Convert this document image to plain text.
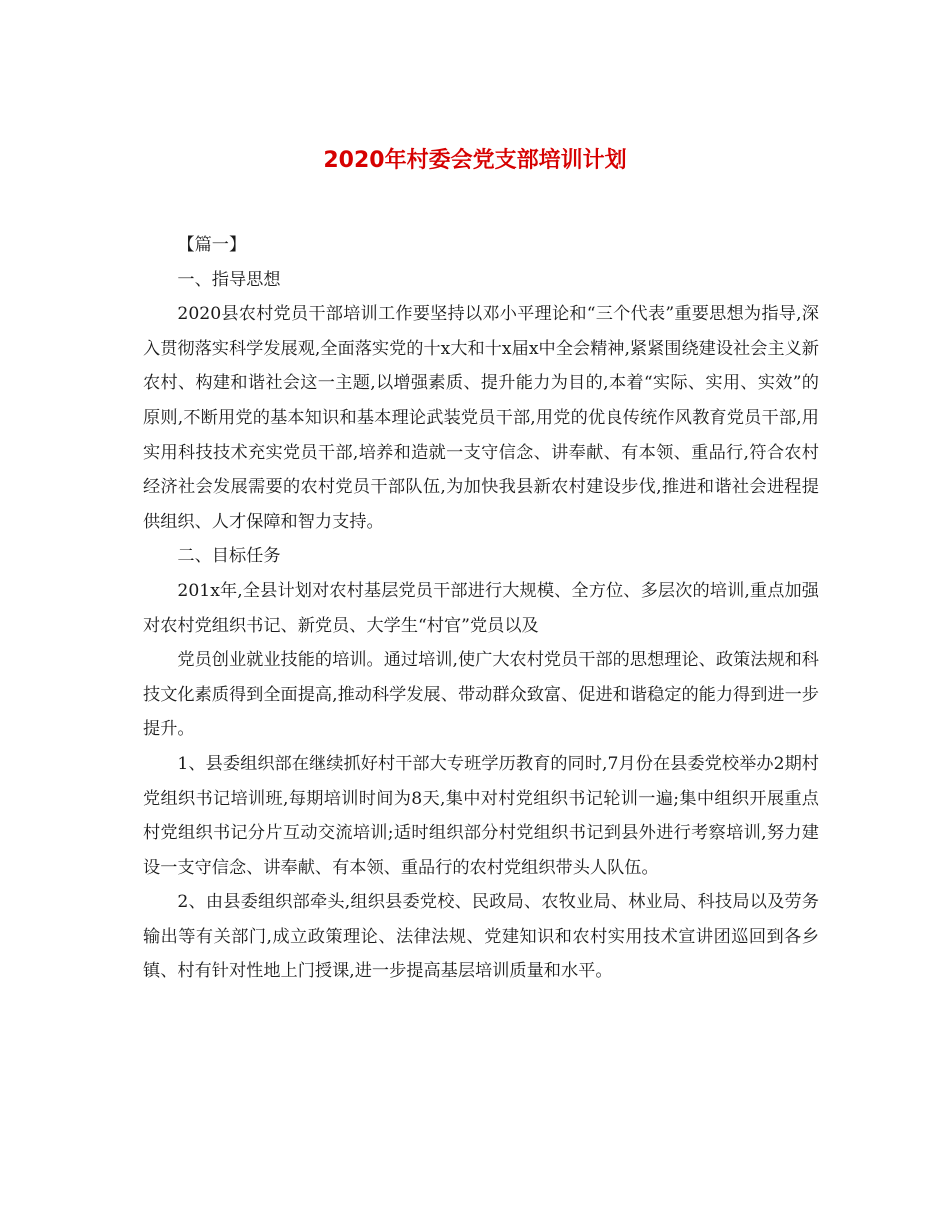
2020年村委会党支部培训计划

【篇一】

一、指导思想

2020县农村党员干部培训工作要坚持以邓小平理论和“三个代表”重要思想为指导,深入贯彻落实科学发展观,全面落实党的十x大和十x届x中全会精神,紧紧围绕建设社会主义新农村、构建和谐社会这一主题,以增强素质、提升能力为目的,本着“实际、实用、实效”的原则,不断用党的基本知识和基本理论武装党员干部,用党的优良传统作风教育党员干部,用实用科技技术充实党员干部,培养和造就一支守信念、讲奉献、有本领、重品行,符合农村经济社会发展需要的农村党员干部队伍,为加快我县新农村建设步伐,推进和谐社会进程提供组织、人才保障和智力支持。

二、目标任务

201x年,全县计划对农村基层党员干部进行大规模、全方位、多层次的培训,重点加强对农村党组织书记、新党员、大学生“村官”党员以及

党员创业就业技能的培训。通过培训,使广大农村党员干部的思想理论、政策法规和科技文化素质得到全面提高,推动科学发展、带动群众致富、促进和谐稳定的能力得到进一步提升。

1、县委组织部在继续抓好村干部大专班学历教育的同时,7月份在县委党校举办2期村党组织书记培训班,每期培训时间为8天,集中对村党组织书记轮训一遍;集中组织开展重点村党组织书记分片互动交流培训;适时组织部分村党组织书记到县外进行考察培训,努力建设一支守信念、讲奉献、有本领、重品行的农村党组织带头人队伍。

2、由县委组织部牵头,组织县委党校、民政局、农牧业局、林业局、科技局以及劳务输出等有关部门,成立政策理论、法律法规、党建知识和农村实用技术宣讲团巡回到各乡镇、村有针对性地上门授课,进一步提高基层培训质量和水平。
